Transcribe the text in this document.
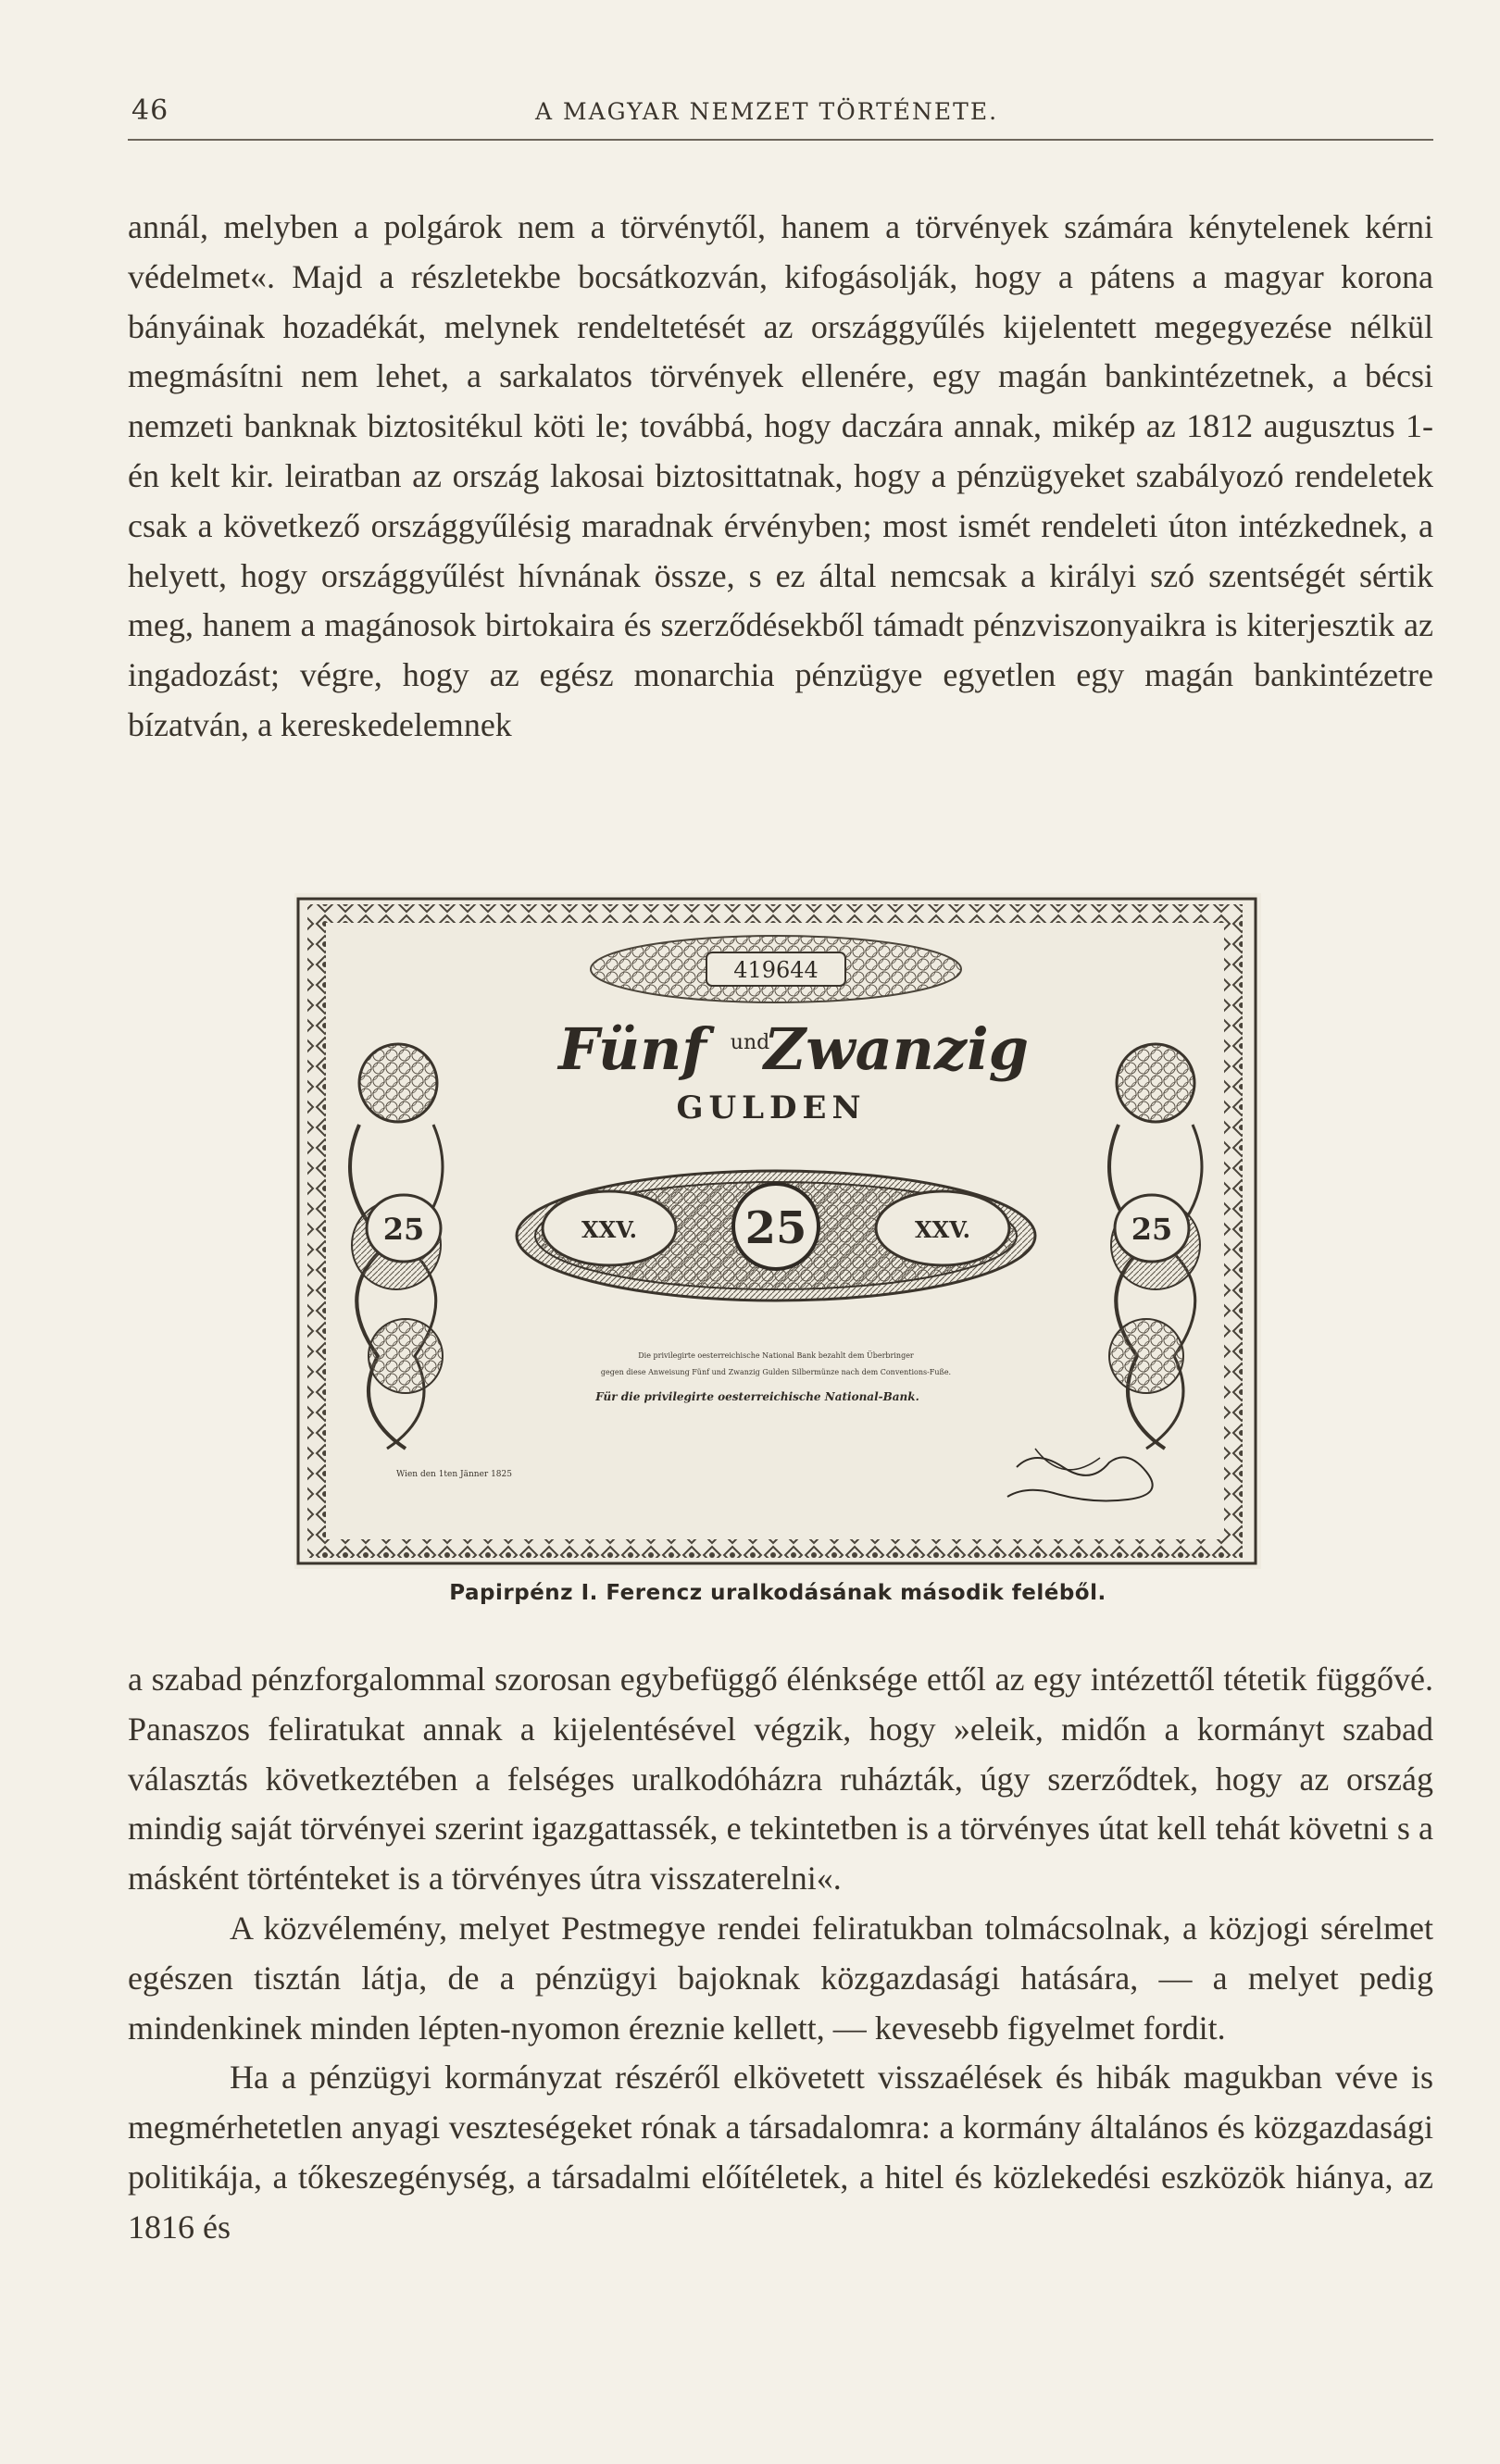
46	A MAGYAR NEMZET TÖRTÉNETE.

annál, melyben a polgárok nem a törvénytől, hanem a törvények számára kénytelenek kérni védelmet«. Majd a részletekbe bocsátkozván, kifogásolják, hogy a pátens a magyar korona bányáinak hozadékát, melynek rendeltetését az országgyűlés kijelentett megegyezése nélkül megmásítni nem lehet, a sarkalatos törvények ellenére, egy magán bankintézetnek, a bécsi nemzeti banknak biztositékul köti le; továbbá, hogy daczára annak, mikép az 1812 augusztus 1-én kelt kir. leiratban az ország lakosai biztosittatnak, hogy a pénzügyeket szabályozó rendeletek csak a következő országgyűlésig maradnak érvényben; most ismét rendeleti úton intézkednek, a helyett, hogy országgyűlést hívnának össze, s ez által nemcsak a királyi szó szentségét sértik meg, hanem a magánosok birtokaira és szerződésekből támadt pénzviszonyaikra is kiterjesztik az ingadozást; végre, hogy az egész monarchia pénzügye egyetlen egy magán bankintézetre bízatván, a kereskedelemnek

419644
Fünf	und
Zwanzig
GULDEN
XXV. 25	XXV.
25	25
Die privilegirte oesterreichische National Bank bezahlt dem Überbringer
gegen diese Anweisung Fünf und Zwanzig Gulden Silbermünze nach dem Conventions-Fuße.
Für die privilegirte oesterreichische National-Bank.
Wien den 1ten Jänner 1825
Papirpénz I. Ferencz uralkodásának második feléből.

a szabad pénzforgalommal szorosan egybefüggő élénksége ettől az egy intézettől tétetik függővé. Panaszos feliratukat annak a kijelentésével végzik, hogy »eleik, midőn a kormányt szabad választás következtében a felséges uralkodóházra ruházták, úgy szerződtek, hogy az ország mindig saját törvényei szerint igazgattassék, e tekintetben is a törvényes útat kell tehát követni s a másként történteket is a törvényes útra visszaterelni«.

A közvélemény, melyet Pestmegye rendei feliratukban tolmácsolnak, a közjogi sérelmet egészen tisztán látja, de a pénzügyi bajoknak közgazdasági hatására, — a melyet pedig mindenkinek minden lépten-nyomon éreznie kellett, — kevesebb figyelmet fordit.

Ha a pénzügyi kormányzat részéről elkövetett visszaélések és hibák magukban véve is megmérhetetlen anyagi veszteségeket rónak a társadalomra: a kormány általános és közgazdasági politikája, a tőkeszegénység, a társadalmi előítéletek, a hitel és közlekedési eszközök hiánya, az 1816 és
